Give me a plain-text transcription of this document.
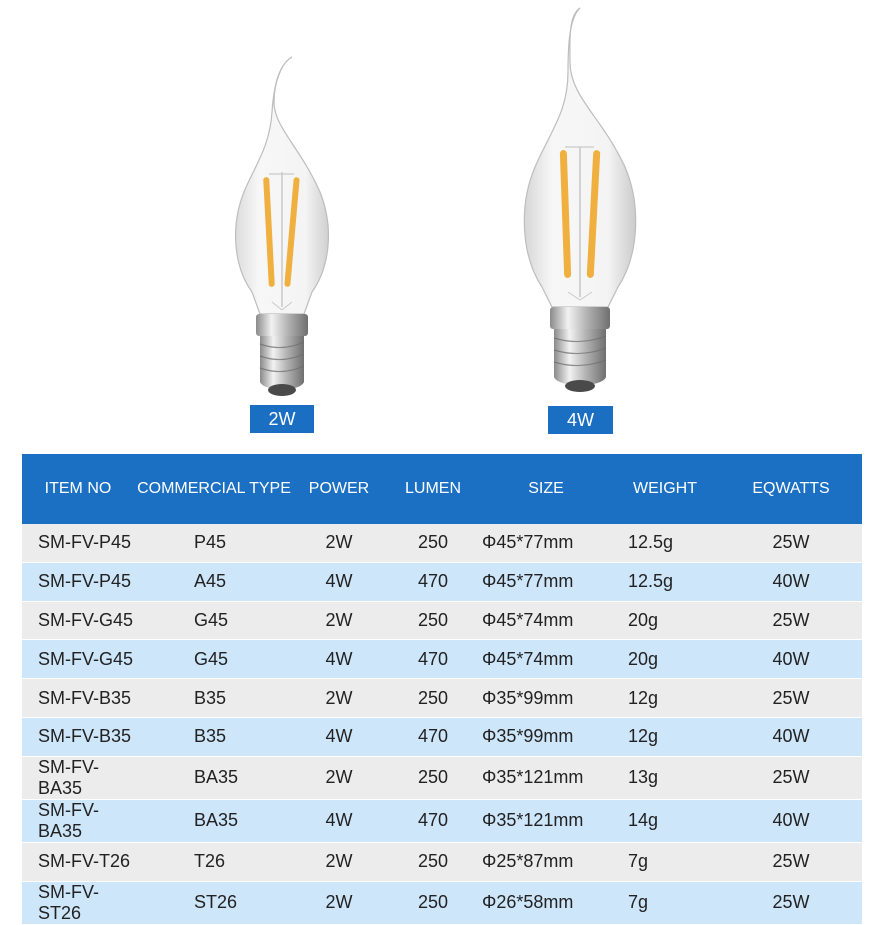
2W	4W
ITEM NO	COMMERCIAL TYPE	POWER	LUMEN	SIZE	WEIGHT	EQWATTS
SM-FV-P45	P45	2W	250	Φ45*77mm	12.5g	25W
SM-FV-P45	A45	4W	470	Φ45*77mm	12.5g	40W
SM-FV-G45	G45	2W	250	Φ45*74mm	20g	25W
SM-FV-G45	G45	4W	470	Φ45*74mm	20g	40W
SM-FV-B35	B35	2W	250	Φ35*99mm	12g	25W
SM-FV-B35	B35	4W	470	Φ35*99mm	12g	40W
SM-FV-BA35	BA35	2W	250	Φ35*121mm	13g	25W
SM-FV-BA35	BA35	4W	470	Φ35*121mm	14g	40W
SM-FV-T26	T26	2W	250	Φ25*87mm	7g	25W
SM-FV-ST26	ST26	2W	250	Φ26*58mm	7g	25W
